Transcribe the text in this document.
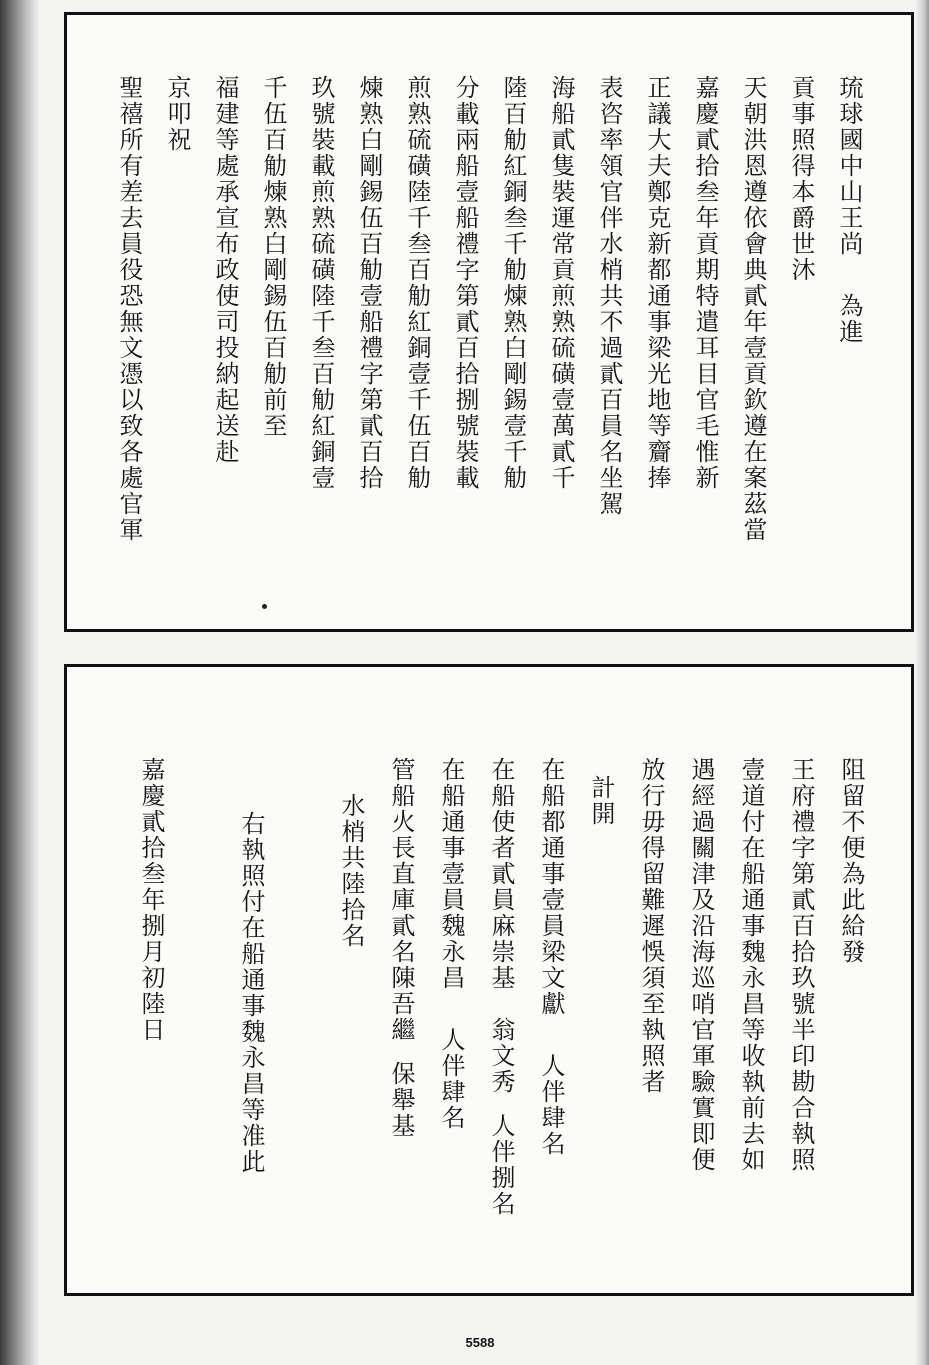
琉球國中山王尚為進
貢事照得本爵世沐
天朝洪恩遵依會典貳年壹貢欽遵在案茲當
嘉慶貳拾叁年貢期特遣耳目官毛惟新
正議大夫鄭克新都通事梁光地等齎捧
表咨率領官伴水梢共不過貳百員名坐駕
海船貳隻裝運常貢煎熟硫磺壹萬貳千
陸百觔紅銅叁千觔煉熟白剛錫壹千觔
分載兩船壹船禮字第貳百拾捌號裝載
煎熟硫磺陸千叁百觔紅銅壹千伍百觔
煉熟白剛錫伍百觔壹船禮字第貳百拾
玖號裝載煎熟硫磺陸千叁百觔紅銅壹
千伍百觔煉熟白剛錫伍百觔前至
福建等處承宣布政使司投納起送赴
京叩祝
聖禧所有差去員役恐無文憑以致各處官軍
阻留不便為此給發
王府禮字第貳百拾玖號半印勘合執照
壹道付在船通事魏永昌等收執前去如
遇經過關津及沿海巡哨官軍驗實即便
放行毋得留難遲悞須至執照者
計開
在船都通事壹員梁文獻人伴肆名
在船使者貳員麻崇基　翁文秀人伴捌名
在船通事壹員魏永昌人伴肆名
管船火長直庫貳名陳吾繼保舉基
水梢共陸拾名
右執照付在船通事魏永昌等准此
嘉慶貳拾叁年捌月初陸日
5588
